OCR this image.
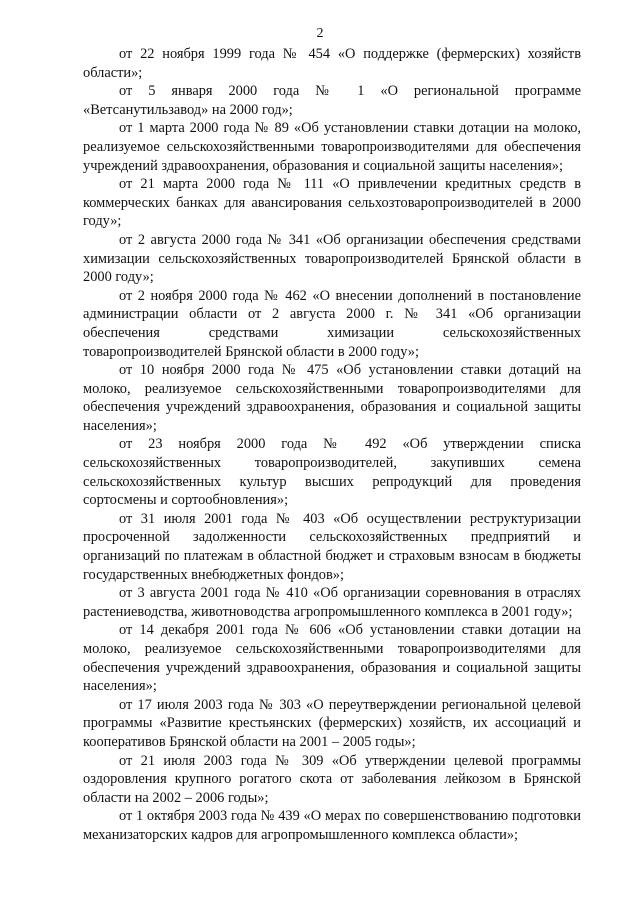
2

от 22 ноября 1999 года № 454 «О поддержке (фермерских) хозяйств области»;

от 5 января 2000 года № 1 «О региональной программе «Ветсанутильзавод» на 2000 год»;

от 1 марта 2000 года № 89 «Об установлении ставки дотации на молоко, реализуемое сельскохозяйственными товаропроизводителями для обеспечения учреждений здравоохранения, образования и социальной защиты населения»;

от 21 марта 2000 года № 111 «О привлечении кредитных средств в коммерческих банках для авансирования сельхозтоваропроизводителей в 2000 году»;

от 2 августа 2000 года № 341 «Об организации обеспечения средствами химизации сельскохозяйственных товаропроизводителей Брянской области в 2000 году»;

от 2 ноября 2000 года № 462 «О внесении дополнений в постановление администрации области от 2 августа 2000 г. № 341 «Об организации обеспечения средствами химизации сельскохозяйственных товаропроизводителей Брянской области в 2000 году»;

от 10 ноября 2000 года № 475 «Об установлении ставки дотаций на молоко, реализуемое сельскохозяйственными товаропроизводителями для обеспечения учреждений здравоохранения, образования и социальной защиты населения»;

от 23 ноября 2000 года № 492 «Об утверждении списка сельскохозяйственных товаропроизводителей, закупивших семена сельскохозяйственных культур высших репродукций для проведения сортосмены и сортообновления»;

от 31 июля 2001 года № 403 «Об осуществлении реструктуризации просроченной задолженности сельскохозяйственных предприятий и организаций по платежам в областной бюджет и страховым взносам в бюджеты государственных внебюджетных фондов»;

от 3 августа 2001 года № 410 «Об организации соревнования в отраслях растениеводства, животноводства агропромышленного комплекса в 2001 году»;

от 14 декабря 2001 года № 606 «Об установлении ставки дотации на молоко, реализуемое сельскохозяйственными товаропроизводителями для обеспечения учреждений здравоохранения, образования и социальной защиты населения»;

от 17 июля 2003 года № 303 «О переутверждении региональной целевой программы «Развитие крестьянских (фермерских) хозяйств, их ассоциаций и кооперативов Брянской области на 2001 – 2005 годы»;

от 21 июля 2003 года № 309 «Об утверждении целевой программы оздоровления крупного рогатого скота от заболевания лейкозом в Брянской области на 2002 – 2006 годы»;

от 1 октября 2003 года № 439 «О мерах по совершенствованию подготовки механизаторских кадров для агропромышленного комплекса области»;
